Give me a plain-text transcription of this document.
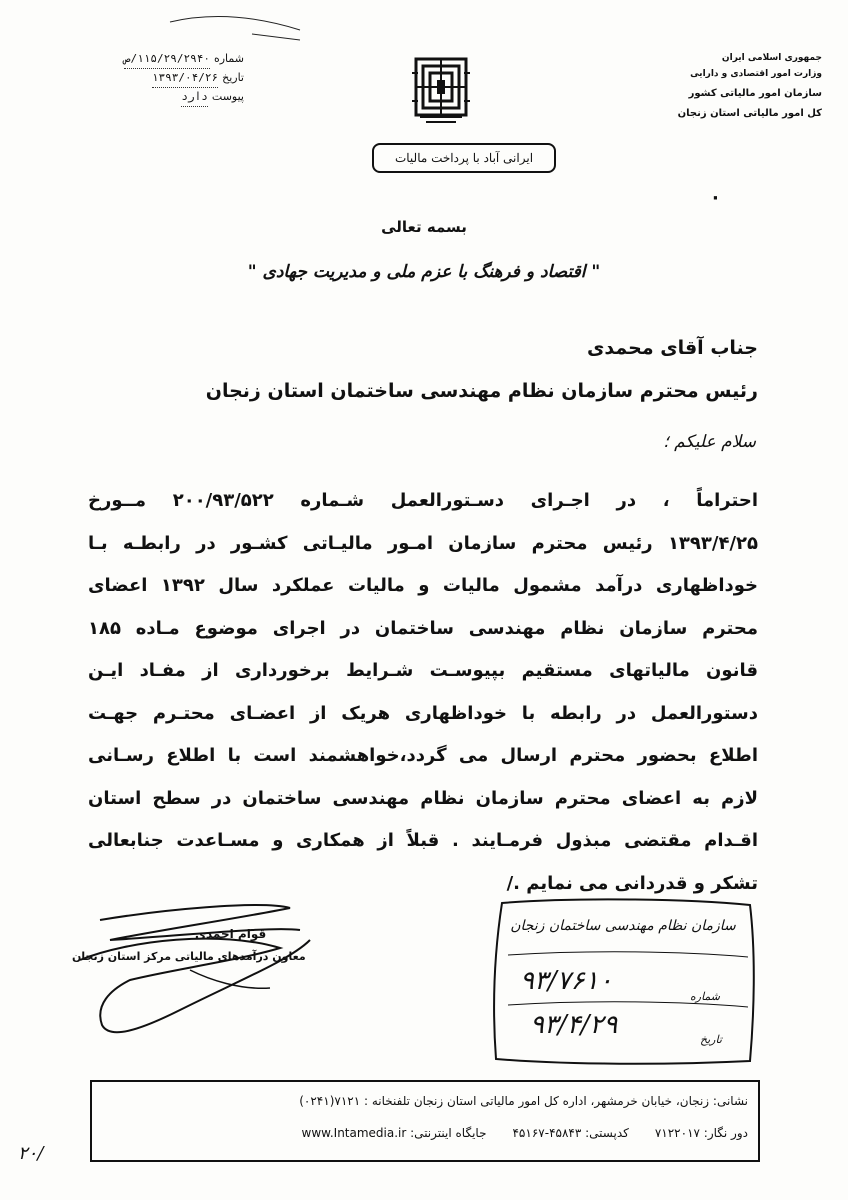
جمهوری اسلامی ایران
وزارت امور اقتصادی و دارایی
سازمان امور مالیاتی کشور
کل امور مالیاتی استان زنجان
شماره
۱۱۵/۲۹/۲۹۴۰/ص
تاریخ
۱۳۹۳/۰۴/۲۶
پیوست
دارد
ایرانی آباد با پرداخت مالیات
·
بسمه تعالی
" اقتصاد و فرهنگ با عزم ملی و مدیریت جهادی "
جناب آقای محمدی
رئیس محترم سازمان نظام مهندسی ساختمان استان زنجان
سلام علیکم ؛
احتراماً ، در اجـرای دسـتورالعمل شـماره ۲۰۰/۹۳/۵۲۲ مــورخ
۱۳۹۳/۴/۲۵ رئیس محترم سازمان امـور مالیـاتی کشـور در رابطـه بـا
خوداظهاری درآمد مشمول مالیات و مالیات عملکرد سال ۱۳۹۲ اعضای
محترم سازمان نظام مهندسی ساختمان در اجرای موضوع مـاده ۱۸۵
قانون مالیاتهای مستقیم بپیوسـت شـرایط برخورداری از مفـاد ایـن
دستورالعمل در رابطه با خوداظهاری هریک از اعضـای محتـرم جهـت
اطلاع بحضور محترم ارسال می گردد،خواهشمند است با اطلاع رسـانی
لازم به اعضای محترم سازمان نظام مهندسی ساختمان در سطح استان
اقـدام مقتضی مبذول فرمـایند . قبلاً از همکاری و مسـاعدت جنابعالی
تشکر و قدردانی می نمایم ./
قوام احمدی
معاون درآمدهای مالیاتی مرکز استان زنجان
سازمان نظام مهندسی ساختمان زنجان
شماره
۹۳/۷۶۱۰
تاریخ
۹۳/۴/۲۹
نشانی: زنجان، خیابان خرمشهر، اداره کل امور مالیاتی استان زنجان تلفنخانه : ۷۱۲۱(۰۲۴۱)
دور نگار: ۷۱۲۲۰۱۷
کدپستی: ۴۵۸۴۳-۴۵۱۶۷
جایگاه اینترنتی: www.Intamedia.ir
۲۰/
